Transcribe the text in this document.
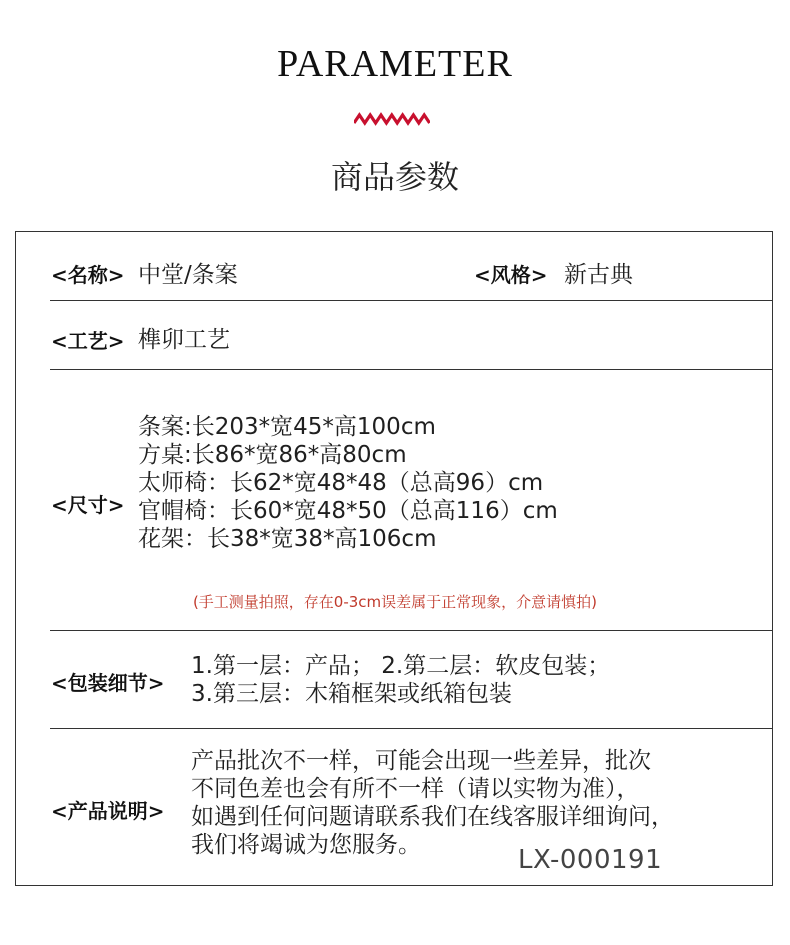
PARAMETER
商品参数
<名称> 中堂/条案	<风格> 新古典
<工艺> 榫卯工艺
<尺寸>
条案:长203*宽45*高100cm
方桌:长86*宽86*高80cm
太师椅：长62*宽48*48（总高96）cm
官帽椅：长60*宽48*50（总高116）cm
花架：长38*宽38*高106cm
(手工测量拍照，存在0-3cm误差属于正常现象，介意请慎拍)
<包装细节>
1.第一层：产品； 2.第二层：软皮包装；
3.第三层：木箱框架或纸箱包装
<产品说明>
产品批次不一样，可能会出现一些差异，批次
不同色差也会有所不一样（请以实物为准），
如遇到任何问题请联系我们在线客服详细询问，
我们将竭诚为您服务。	LX-000191
